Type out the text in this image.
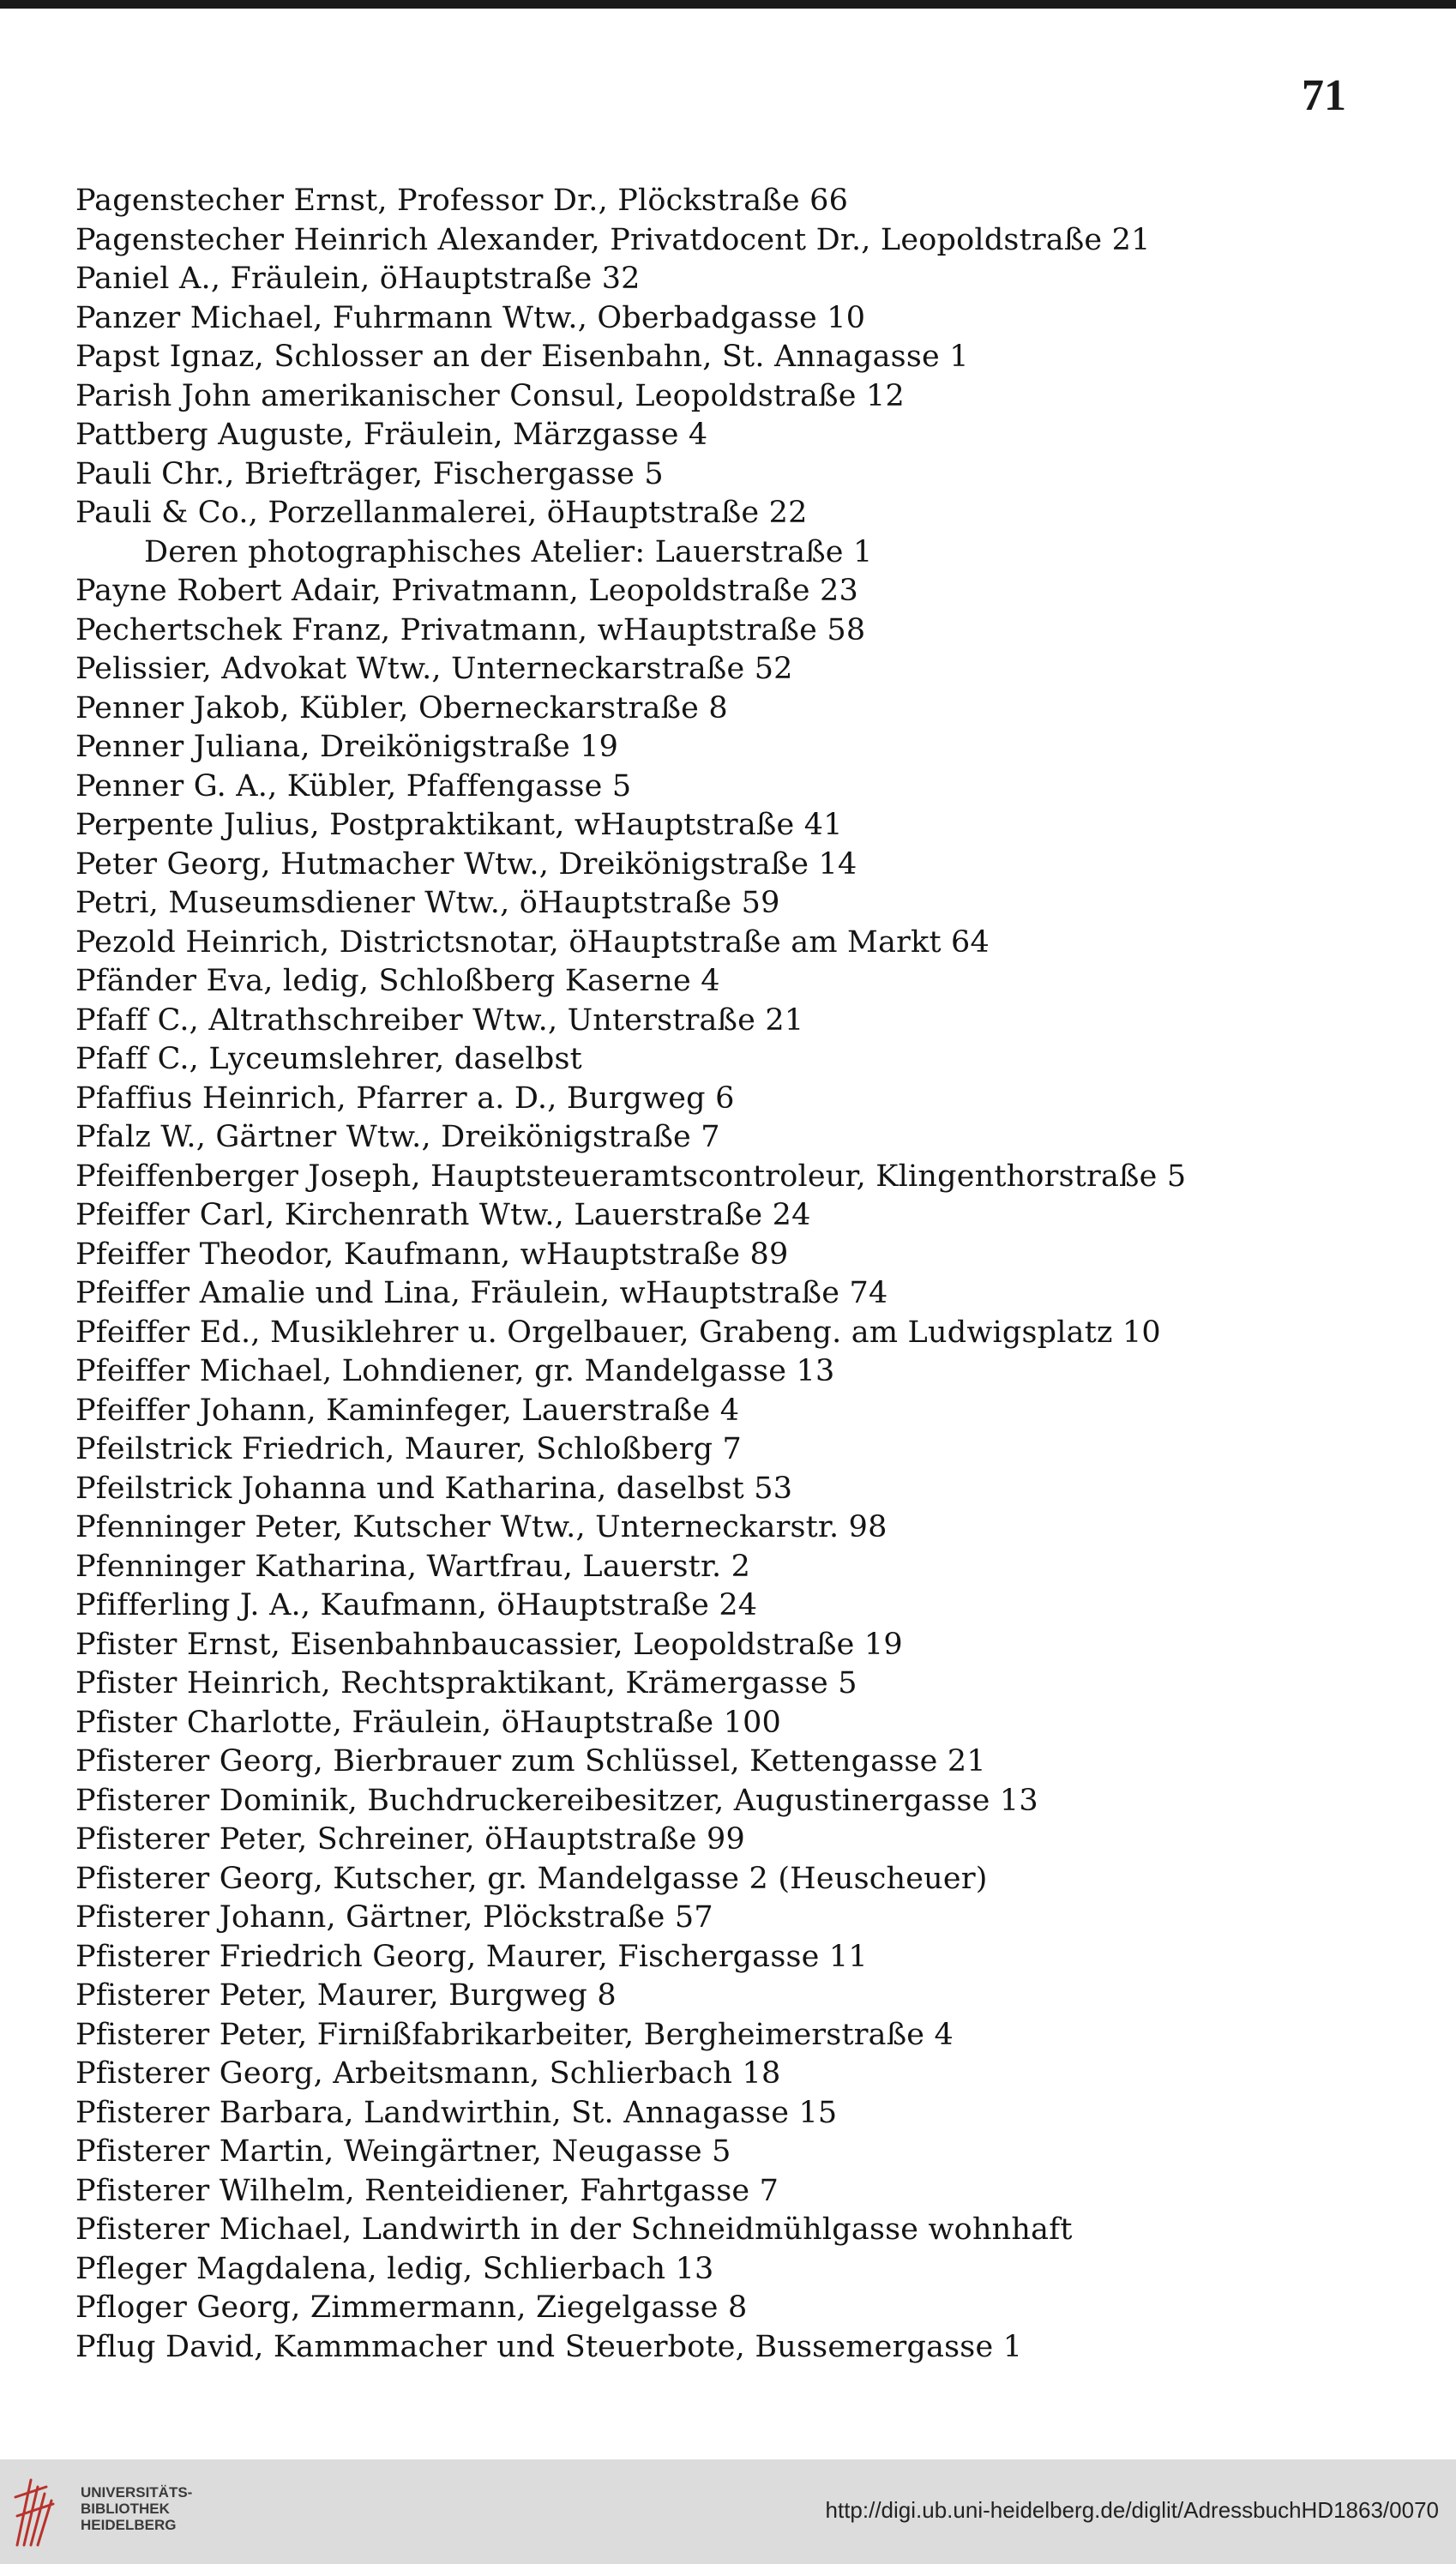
71
Pagenstecher Ernst, Professor Dr., Plöckstraße 66
Pagenstecher Heinrich Alexander, Privatdocent Dr., Leopoldstraße 21
Paniel A., Fräulein, öHauptstraße 32
Panzer Michael, Fuhrmann Wtw., Oberbadgasse 10
Papst Ignaz, Schlosser an der Eisenbahn, St. Annagasse 1
Parish John amerikanischer Consul, Leopoldstraße 12
Pattberg Auguste, Fräulein, Märzgasse 4
Pauli Chr., Briefträger, Fischergasse 5
Pauli & Co., Porzellanmalerei, öHauptstraße 22
Deren photographisches Atelier: Lauerstraße 1
Payne Robert Adair, Privatmann, Leopoldstraße 23
Pechertschek Franz, Privatmann, wHauptstraße 58
Pelissier, Advokat Wtw., Unterneckarstraße 52
Penner Jakob, Kübler, Oberneckarstraße 8
Penner Juliana, Dreikönigstraße 19
Penner G. A., Kübler, Pfaffengasse 5
Perpente Julius, Postpraktikant, wHauptstraße 41
Peter Georg, Hutmacher Wtw., Dreikönigstraße 14
Petri, Museumsdiener Wtw., öHauptstraße 59
Pezold Heinrich, Districtsnotar, öHauptstraße am Markt 64
Pfänder Eva, ledig, Schloßberg Kaserne 4
Pfaff C., Altrathschreiber Wtw., Unterstraße 21
Pfaff C., Lyceumslehrer, daselbst
Pfaffius Heinrich, Pfarrer a. D., Burgweg 6
Pfalz W., Gärtner Wtw., Dreikönigstraße 7
Pfeiffenberger Joseph, Hauptsteueramtscontroleur, Klingenthorstraße 5
Pfeiffer Carl, Kirchenrath Wtw., Lauerstraße 24
Pfeiffer Theodor, Kaufmann, wHauptstraße 89
Pfeiffer Amalie und Lina, Fräulein, wHauptstraße 74
Pfeiffer Ed., Musiklehrer u. Orgelbauer, Grabeng. am Ludwigsplatz 10
Pfeiffer Michael, Lohndiener, gr. Mandelgasse 13
Pfeiffer Johann, Kaminfeger, Lauerstraße 4
Pfeilstrick Friedrich, Maurer, Schloßberg 7
Pfeilstrick Johanna und Katharina, daselbst 53
Pfenninger Peter, Kutscher Wtw., Unterneckarstr. 98
Pfenninger Katharina, Wartfrau, Lauerstr. 2
Pfifferling J. A., Kaufmann, öHauptstraße 24
Pfister Ernst, Eisenbahnbaucassier, Leopoldstraße 19
Pfister Heinrich, Rechtspraktikant, Krämergasse 5
Pfister Charlotte, Fräulein, öHauptstraße 100
Pfisterer Georg, Bierbrauer zum Schlüssel, Kettengasse 21
Pfisterer Dominik, Buchdruckereibesitzer, Augustinergasse 13
Pfisterer Peter, Schreiner, öHauptstraße 99
Pfisterer Georg, Kutscher, gr. Mandelgasse 2 (Heuscheuer)
Pfisterer Johann, Gärtner, Plöckstraße 57
Pfisterer Friedrich Georg, Maurer, Fischergasse 11
Pfisterer Peter, Maurer, Burgweg 8
Pfisterer Peter, Firnißfabrikarbeiter, Bergheimerstraße 4
Pfisterer Georg, Arbeitsmann, Schlierbach 18
Pfisterer Barbara, Landwirthin, St. Annagasse 15
Pfisterer Martin, Weingärtner, Neugasse 5
Pfisterer Wilhelm, Renteidiener, Fahrtgasse 7
Pfisterer Michael, Landwirth in der Schneidmühlgasse wohnhaft
Pfleger Magdalena, ledig, Schlierbach 13
Pfloger Georg, Zimmermann, Ziegelgasse 8
Pflug David, Kammmacher und Steuerbote, Bussemergasse 1

UNIVERSITÄTS-
BIBLIOTHEK
HEIDELBERG

http://digi.ub.uni-heidelberg.de/diglit/AdressbuchHD1863/0070
